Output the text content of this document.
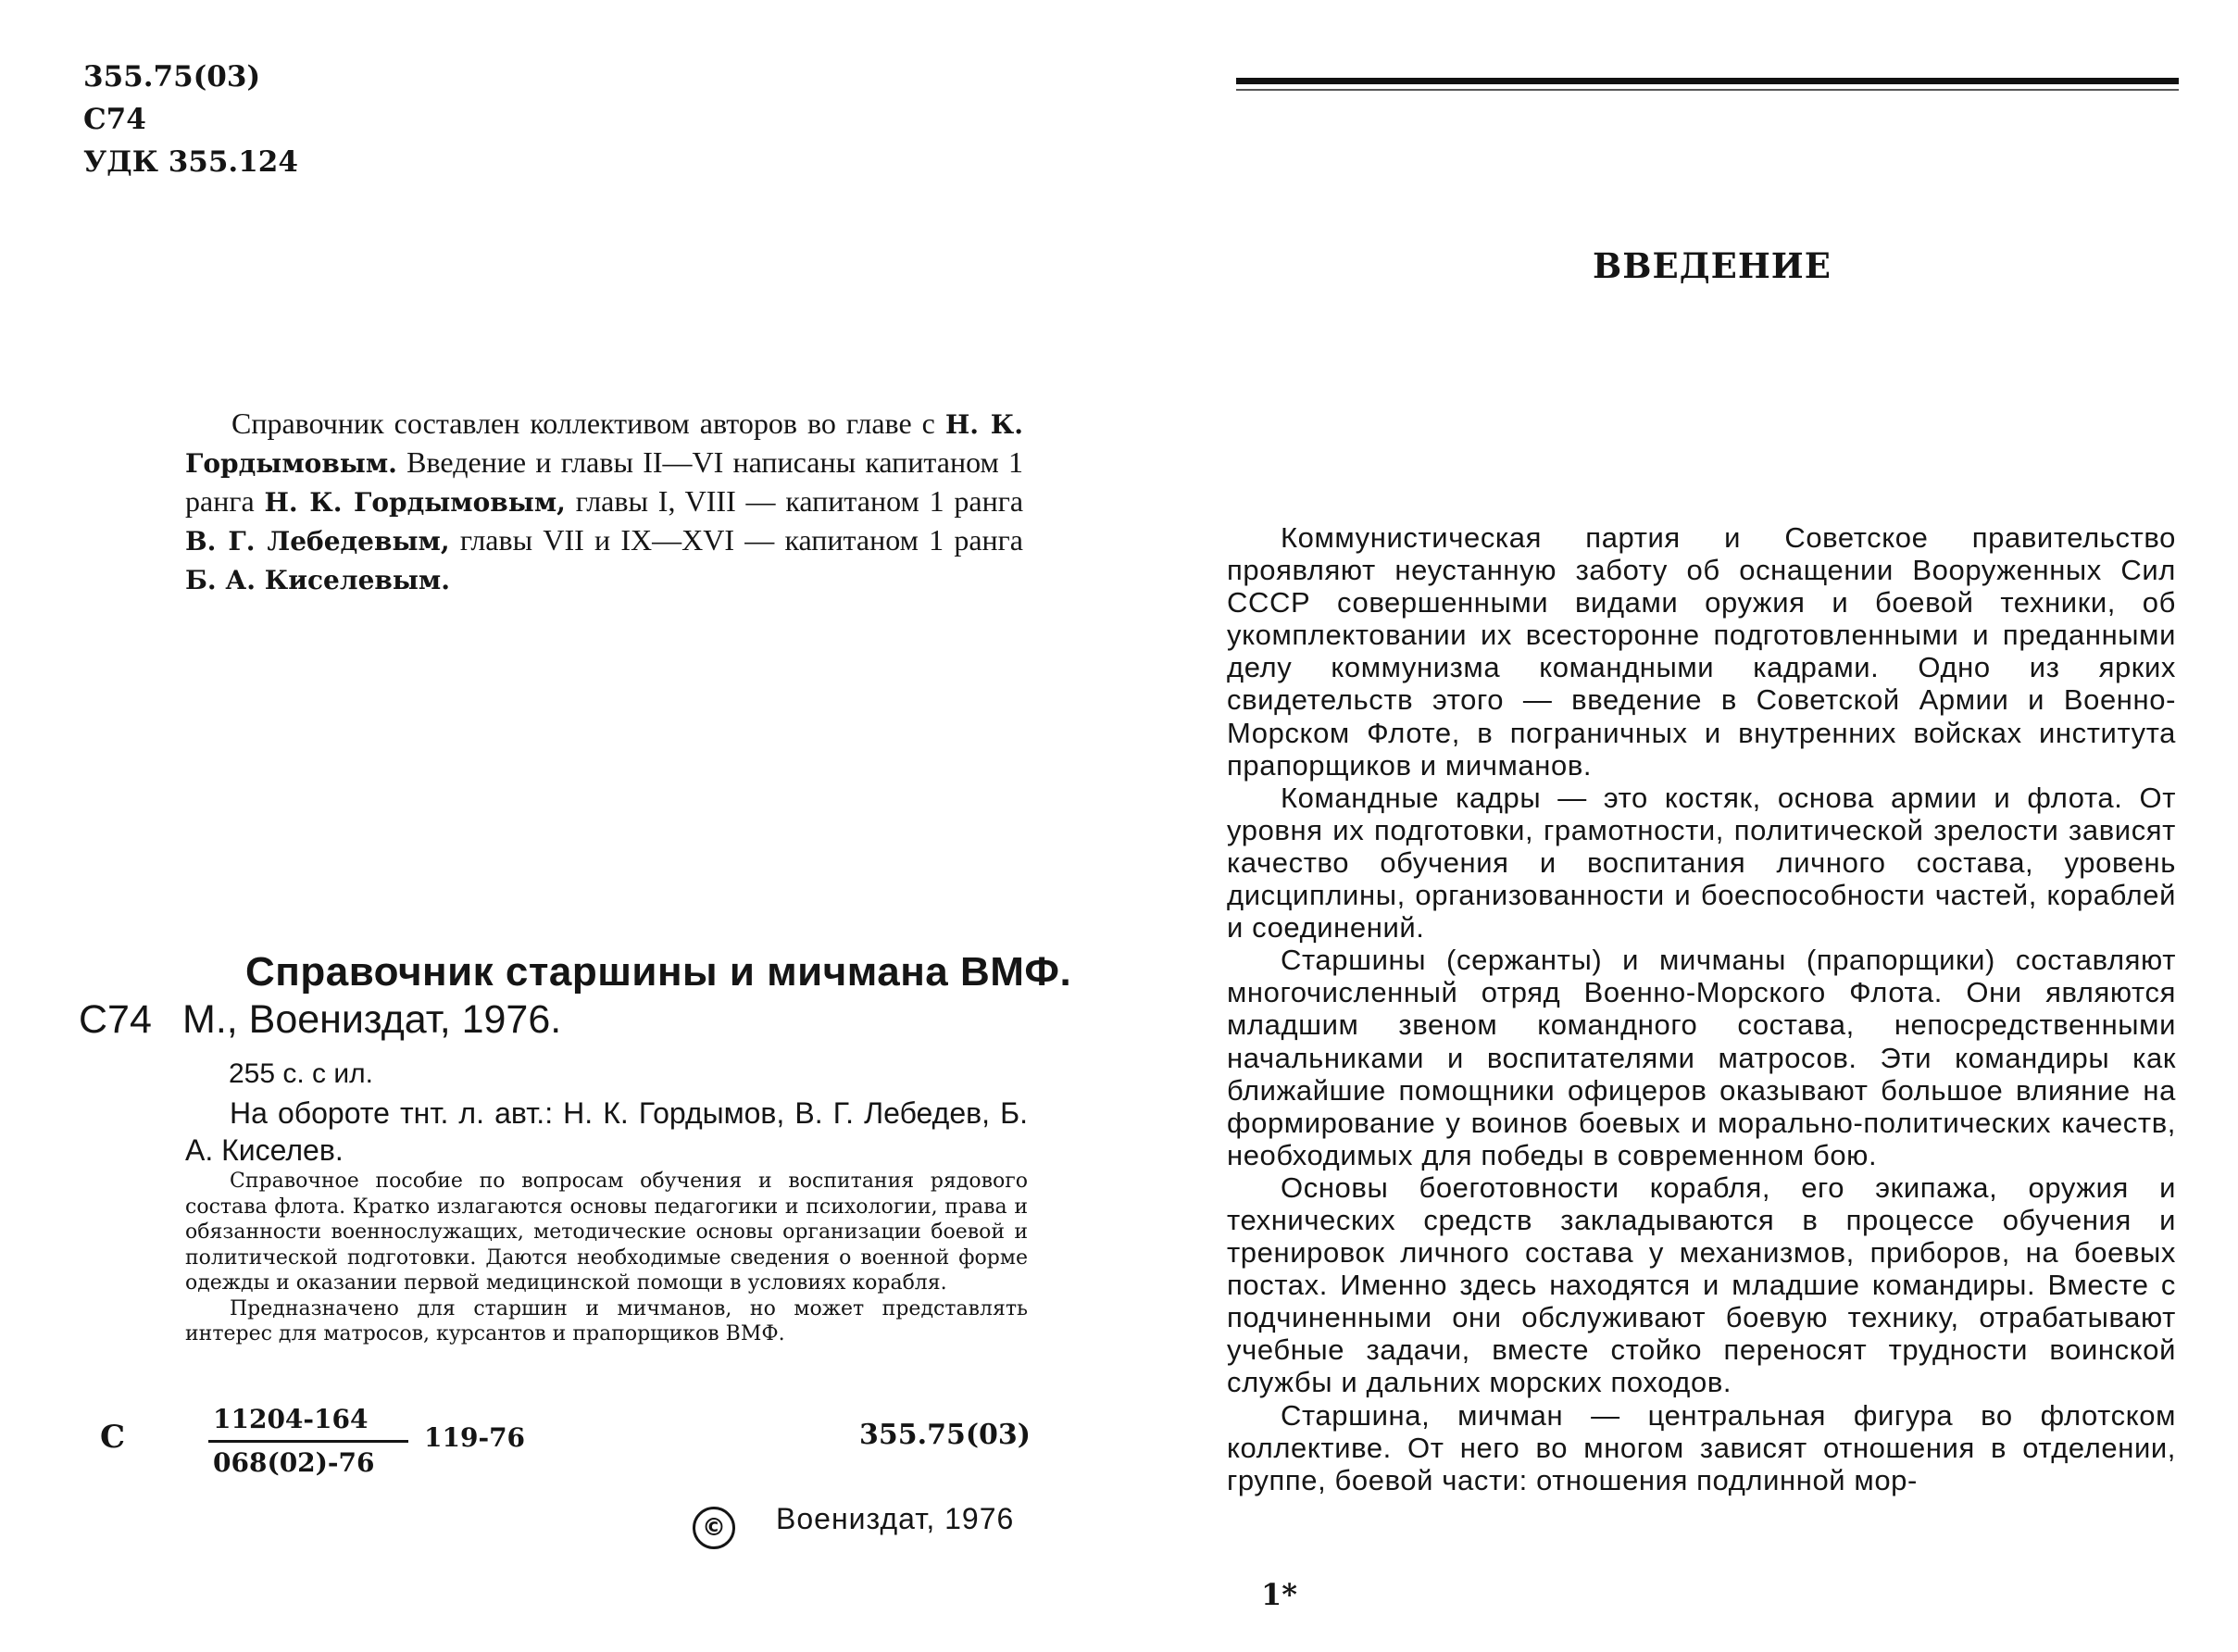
355.75(03)
С74
УДК 355.124
Справочник составлен коллективом авторов во главе с Н. К. Гордымовым. Введение и главы II—VI написаны капитаном 1 ранга Н. К. Гордымовым, главы I, VIII — капитаном 1 ранга В. Г. Лебедевым, главы VII и IX—XVI — капитаном 1 ранга Б. А. Киселевым.
Справочник старшины и мичмана ВМФ.
С74 М., Воениздат, 1976.
255 с. с ил.
На обороте тнт. л. авт.: Н. К. Гордымов, В. Г. Лебедев, Б. А. Киселев.

Справочное пособие по вопросам обучения и воспитания рядового состава флота. Кратко излагаются основы педагогики и психологии, права и обязанности военнослужащих, методические основы организации боевой и политической подготовки. Даются необходимые сведения о военной форме одежды и оказании первой медицинской помощи в условиях корабля.

Предназначено для старшин и мичманов, но может представлять интерес для матросов, курсантов и прапорщиков ВМФ.

С	11204-164
068(02)-76
119-76	355.75(03)
©	Воениздат, 1976
ВВЕДЕНИЕ

Коммунистическая партия и Советское правительство проявляют неустанную заботу об оснащении Вооруженных Сил СССР совершенными видами оружия и боевой техники, об укомплектовании их всесторонне подготовленными и преданными делу коммунизма командными кадрами. Одно из ярких свидетельств этого — введение в Советской Армии и Военно-Морском Флоте, в пограничных и внутренних войсках института прапорщиков и мичманов.

Командные кадры — это костяк, основа армии и флота. От уровня их подготовки, грамотности, политической зрелости зависят качество обучения и воспитания личного состава, уровень дисциплины, организованности и боеспособности частей, кораблей и соединений.

Старшины (сержанты) и мичманы (прапорщики) составляют многочисленный отряд Военно-Морского Флота. Они являются младшим звеном командного состава, непосредственными начальниками и воспитателями матросов. Эти командиры как ближайшие помощники офицеров оказывают большое влияние на формирование у воинов боевых и морально-политических качеств, необходимых для победы в современном бою.

Основы боеготовности корабля, его экипажа, оружия и технических средств закладываются в процессе обучения и тренировок личного состава у механизмов, приборов, на боевых постах. Именно здесь находятся и младшие командиры. Вместе с подчиненными они обслуживают боевую технику, отрабатывают учебные задачи, вместе стойко переносят трудности воинской службы и дальних морских походов.

Старшина, мичман — центральная фигура во флотском коллективе. От него во многом зависят отношения в отделении, группе, боевой части: отношения подлинной мор-

1*
